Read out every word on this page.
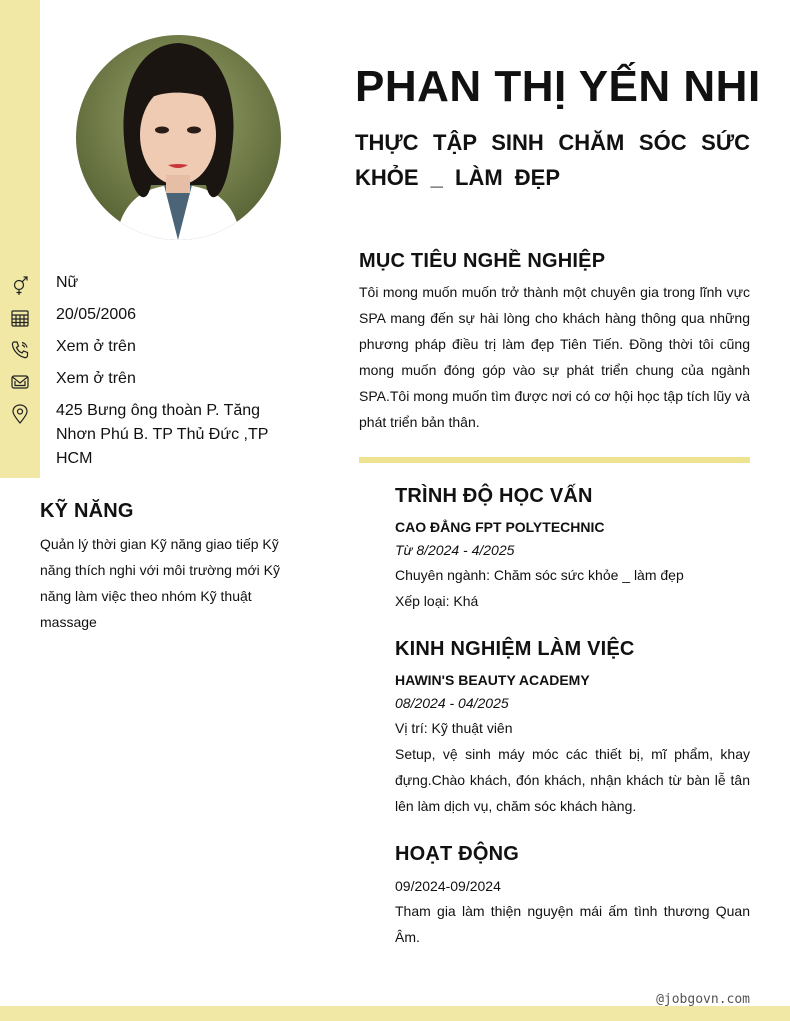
PHAN THỊ YẾN NHI
THỰC TẬP SINH CHĂM SÓC SỨC KHỎE _ LÀM ĐẸP
Nữ
20/05/2006
Xem ở trên
Xem ở trên
425 Bưng ông thoàn P. Tăng Nhơn Phú B. TP Thủ Đức ,TP HCM
KỸ NĂNG

Quản lý thời gian Kỹ năng giao tiếp Kỹ năng thích nghi với môi trường mới Kỹ năng làm việc theo nhóm Kỹ thuật massage

MỤC TIÊU NGHỀ NGHIỆP

Tôi mong muốn muốn trở thành một chuyên gia trong lĩnh vực SPA mang đến sự hài lòng cho khách hàng thông qua những phương pháp điều trị làm đẹp Tiên Tiến. Đồng thời tôi cũng mong muốn đóng góp vào sự phát triển chung của ngành SPA.Tôi mong muốn tìm được nơi có cơ hội học tập tích lũy và phát triển bản thân.

TRÌNH ĐỘ HỌC VẤN
CAO ĐẲNG FPT POLYTECHNIC
Từ 8/2024 - 4/2025

Chuyên ngành: Chăm sóc sức khỏe _ làm đẹp

Xếp loại: Khá

KINH NGHIỆM LÀM VIỆC
HAWIN'S BEAUTY ACADEMY
08/2024 - 04/2025

Vị trí: Kỹ thuật viên

Setup, vệ sinh máy móc các thiết bị, mĩ phẩm, khay đựng.Chào khách, đón khách, nhận khách từ bàn lễ tân lên làm dịch vụ, chăm sóc khách hàng.

HOẠT ĐỘNG
09/2024-09/2024

Tham gia làm thiện nguyện mái ấm tình thương Quan Âm.

@jobgovn.com
